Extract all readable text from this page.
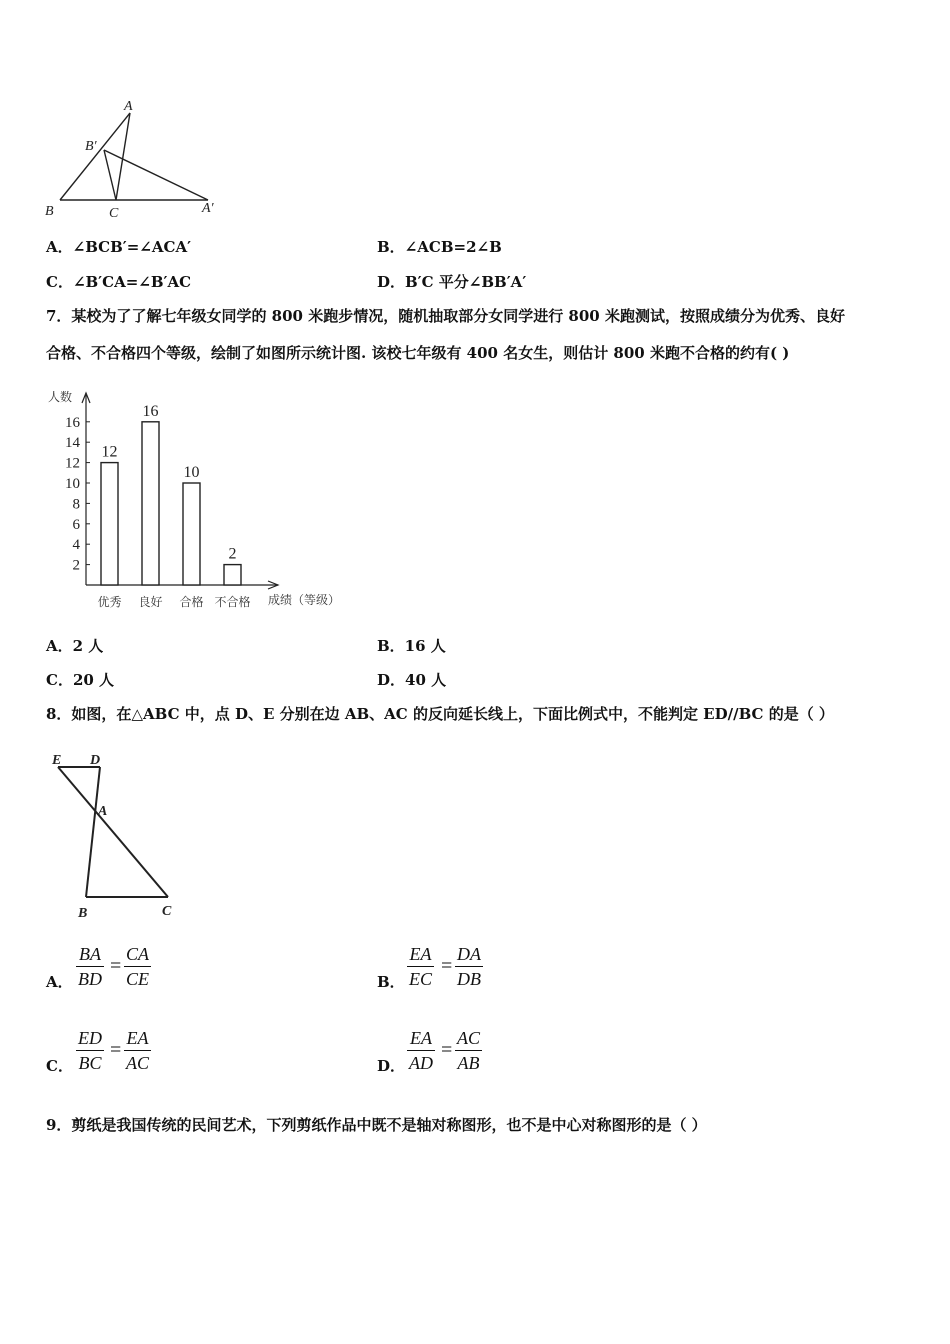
A
B′
B	C	A′
A．∠BCB′=∠ACA′	B．∠ACB=2∠B
C．∠B′CA=∠B′AC	D．B′C 平分∠BB′A′
7．某校为了了解七年级女同学的 800 米跑步情况，随机抽取部分女同学进行 800 米跑测试，按照成绩分为优秀、良好
合格、不合格四个等级，绘制了如图所示统计图. 该校七年级有 400 名女生，则估计 800 米跑不合格的约有( )
人数
成绩（等级）
2
4
6
8
10
12
14
16
12
优秀
16
良好
10
合格
2
不合格
A．2 人	B．16 人
C．20 人	D．40 人
8．如图，在△ABC 中，点 D、E 分别在边 AB、AC 的反向延长线上，下面比例式中，不能判定 ED//BC 的是（ ）
E D
A
B	C
A． $\frac{BA}{BD} = \frac{CA}{CE}$	B． $\frac{EA}{EC} = \frac{DA}{DB}$
C． $\frac{ED}{BC} = \frac{EA}{AC}$	D． $\frac{EA}{AD} = \frac{AC}{AB}$
9．剪纸是我国传统的民间艺术，下列剪纸作品中既不是轴对称图形，也不是中心对称图形的是（ ）
